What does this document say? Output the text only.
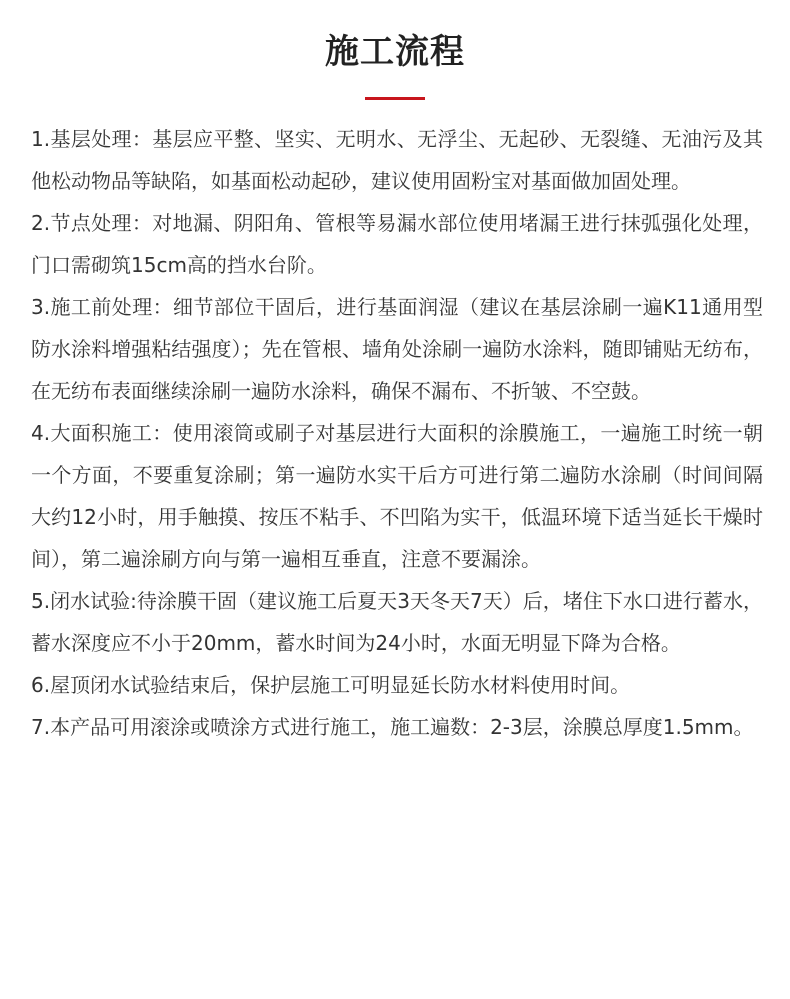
施工流程

1.基层处理：基层应平整、坚实、无明水、无浮尘、无起砂、无裂缝、无油污及其他松动物品等缺陷，如基面松动起砂，建议使用固粉宝对基面做加固处理。

2.节点处理：对地漏、阴阳角、管根等易漏水部位使用堵漏王进行抹弧强化处理，门口需砌筑15cm高的挡水台阶。

3.施工前处理：细节部位干固后，进行基面润湿（建议在基层涂刷一遍K11通用型防水涂料增强粘结强度）；先在管根、墙角处涂刷一遍防水涂料，随即铺贴无纺布，在无纺布表面继续涂刷一遍防水涂料，确保不漏布、不折皱、不空鼓。

4.大面积施工：使用滚筒或刷子对基层进行大面积的涂膜施工，一遍施工时统一朝一个方面，不要重复涂刷；第一遍防水实干后方可进行第二遍防水涂刷（时间间隔大约12小时，用手触摸、按压不粘手、不凹陷为实干，低温环境下适当延长干燥时间），第二遍涂刷方向与第一遍相互垂直，注意不要漏涂。

5.闭水试验:待涂膜干固（建议施工后夏天3天冬天7天）后，堵住下水口进行蓄水，蓄水深度应不小于20mm，蓄水时间为24小时，水面无明显下降为合格。

6.屋顶闭水试验结束后，保护层施工可明显延长防水材料使用时间。

7.本产品可用滚涂或喷涂方式进行施工，施工遍数：2-3层，涂膜总厚度1.5mm。
